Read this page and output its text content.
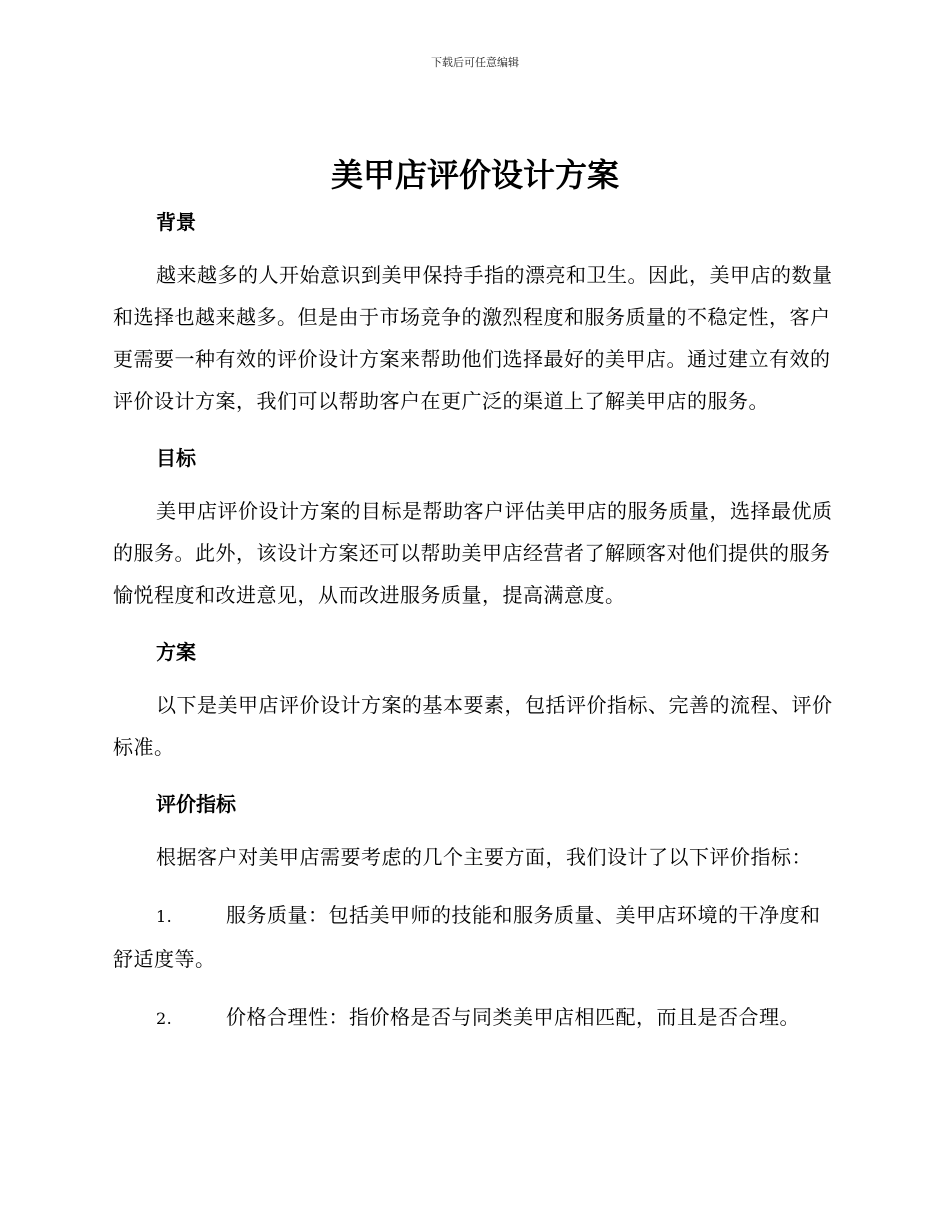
下载后可任意编辑
美甲店评价设计方案
背景

越来越多的人开始意识到美甲保持手指的漂亮和卫生。因此，美甲店的数量和选择也越来越多。但是由于市场竞争的激烈程度和服务质量的不稳定性，客户更需要一种有效的评价设计方案来帮助他们选择最好的美甲店。通过建立有效的评价设计方案，我们可以帮助客户在更广泛的渠道上了解美甲店的服务。

目标

美甲店评价设计方案的目标是帮助客户评估美甲店的服务质量，选择最优质的服务。此外，该设计方案还可以帮助美甲店经营者了解顾客对他们提供的服务愉悦程度和改进意见，从而改进服务质量，提高满意度。

方案

以下是美甲店评价设计方案的基本要素，包括评价指标、完善的流程、评价标准。

评价指标

根据客户对美甲店需要考虑的几个主要方面，我们设计了以下评价指标：

1.	服务质量：包括美甲师的技能和服务质量、美甲店环境的干净度和舒适度等。

2.	价格合理性：指价格是否与同类美甲店相匹配，而且是否合理。
